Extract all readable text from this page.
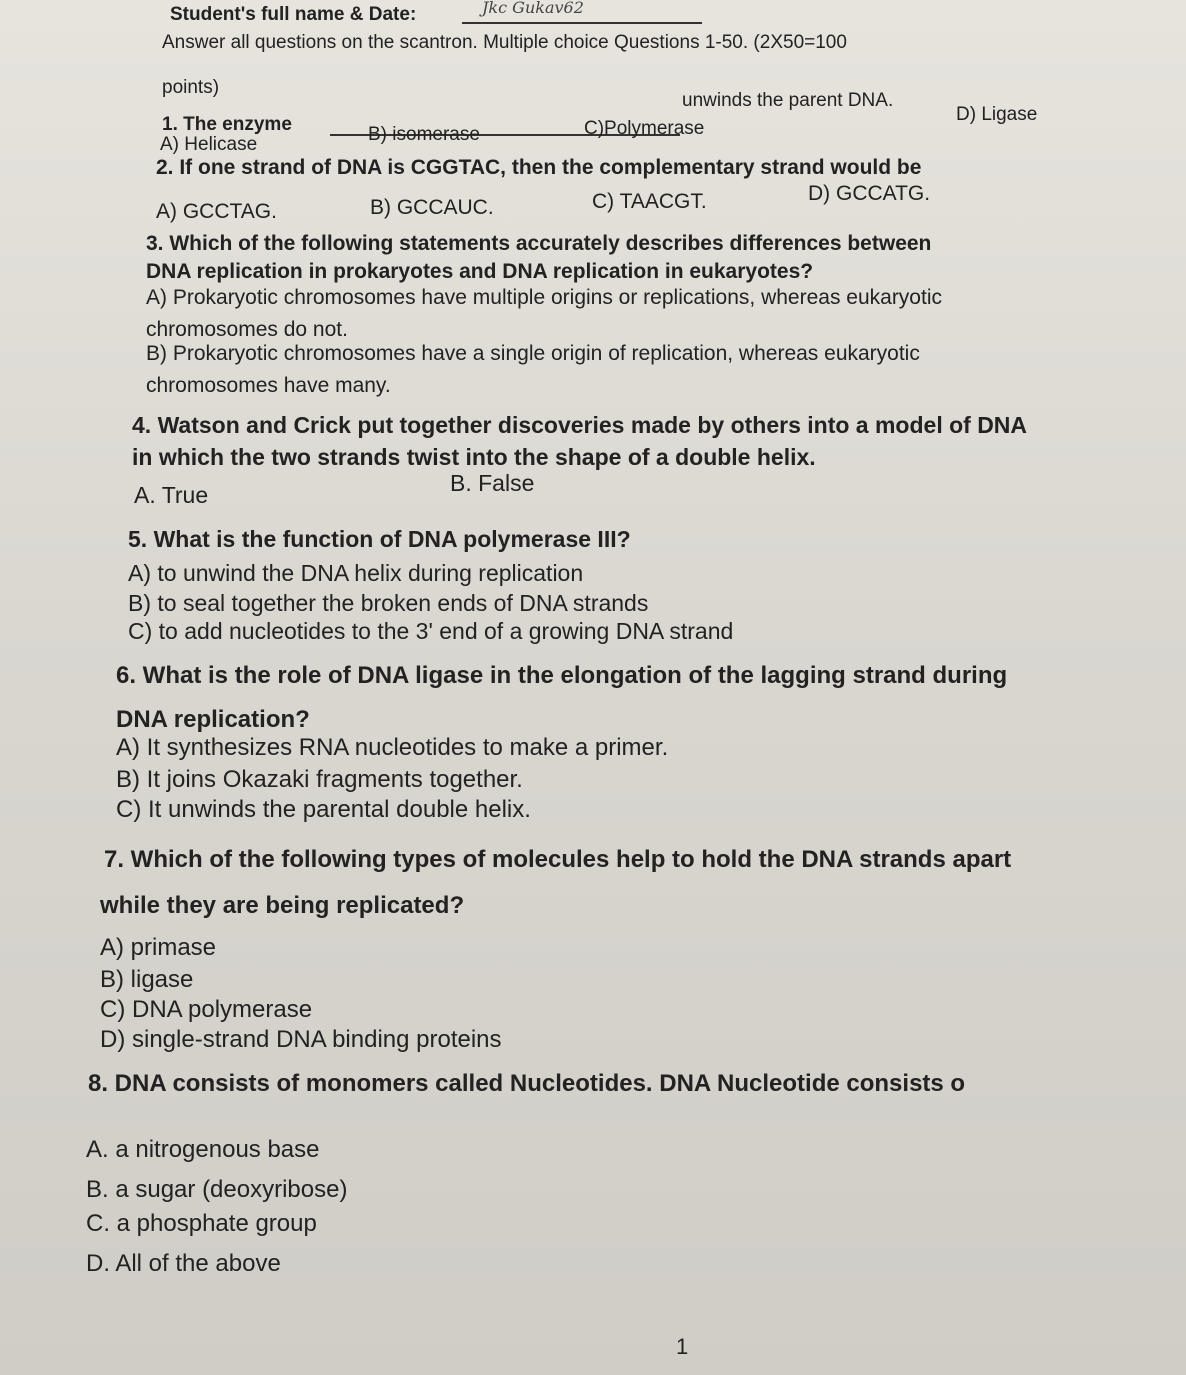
Student's full name & Date:	Jkc Gukav62
Answer all questions on the scantron. Multiple choice Questions 1-50. (2X50=100
points)
1. The enzyme
unwinds the parent DNA.
A) Helicase	B) isomerase	C)Polymerase
D) Ligase
2. If one strand of DNA is CGGTAC, then the complementary strand would be
A) GCCTAG.	B) GCCAUC.	C) TAACGT.	D) GCCATG.
3. Which of the following statements accurately describes differences between
DNA replication in prokaryotes and DNA replication in eukaryotes?
A) Prokaryotic chromosomes have multiple origins or replications, whereas eukaryotic
chromosomes do not.
B) Prokaryotic chromosomes have a single origin of replication, whereas eukaryotic
chromosomes have many.
4. Watson and Crick put together discoveries made by others into a model of DNA
in which the two strands twist into the shape of a double helix.
A. True	B. False
5. What is the function of DNA polymerase III?
A) to unwind the DNA helix during replication
B) to seal together the broken ends of DNA strands
C) to add nucleotides to the 3' end of a growing DNA strand
6. What is the role of DNA ligase in the elongation of the lagging strand during
DNA replication?
A) It synthesizes RNA nucleotides to make a primer.
B) It joins Okazaki fragments together.
C) It unwinds the parental double helix.
7. Which of the following types of molecules help to hold the DNA strands apart
while they are being replicated?
A) primase
B) ligase
C) DNA polymerase
D) single-strand DNA binding proteins
8. DNA consists of monomers called Nucleotides. DNA Nucleotide consists o
A. a nitrogenous base
B. a sugar (deoxyribose)
C. a phosphate group
D. All of the above
1
